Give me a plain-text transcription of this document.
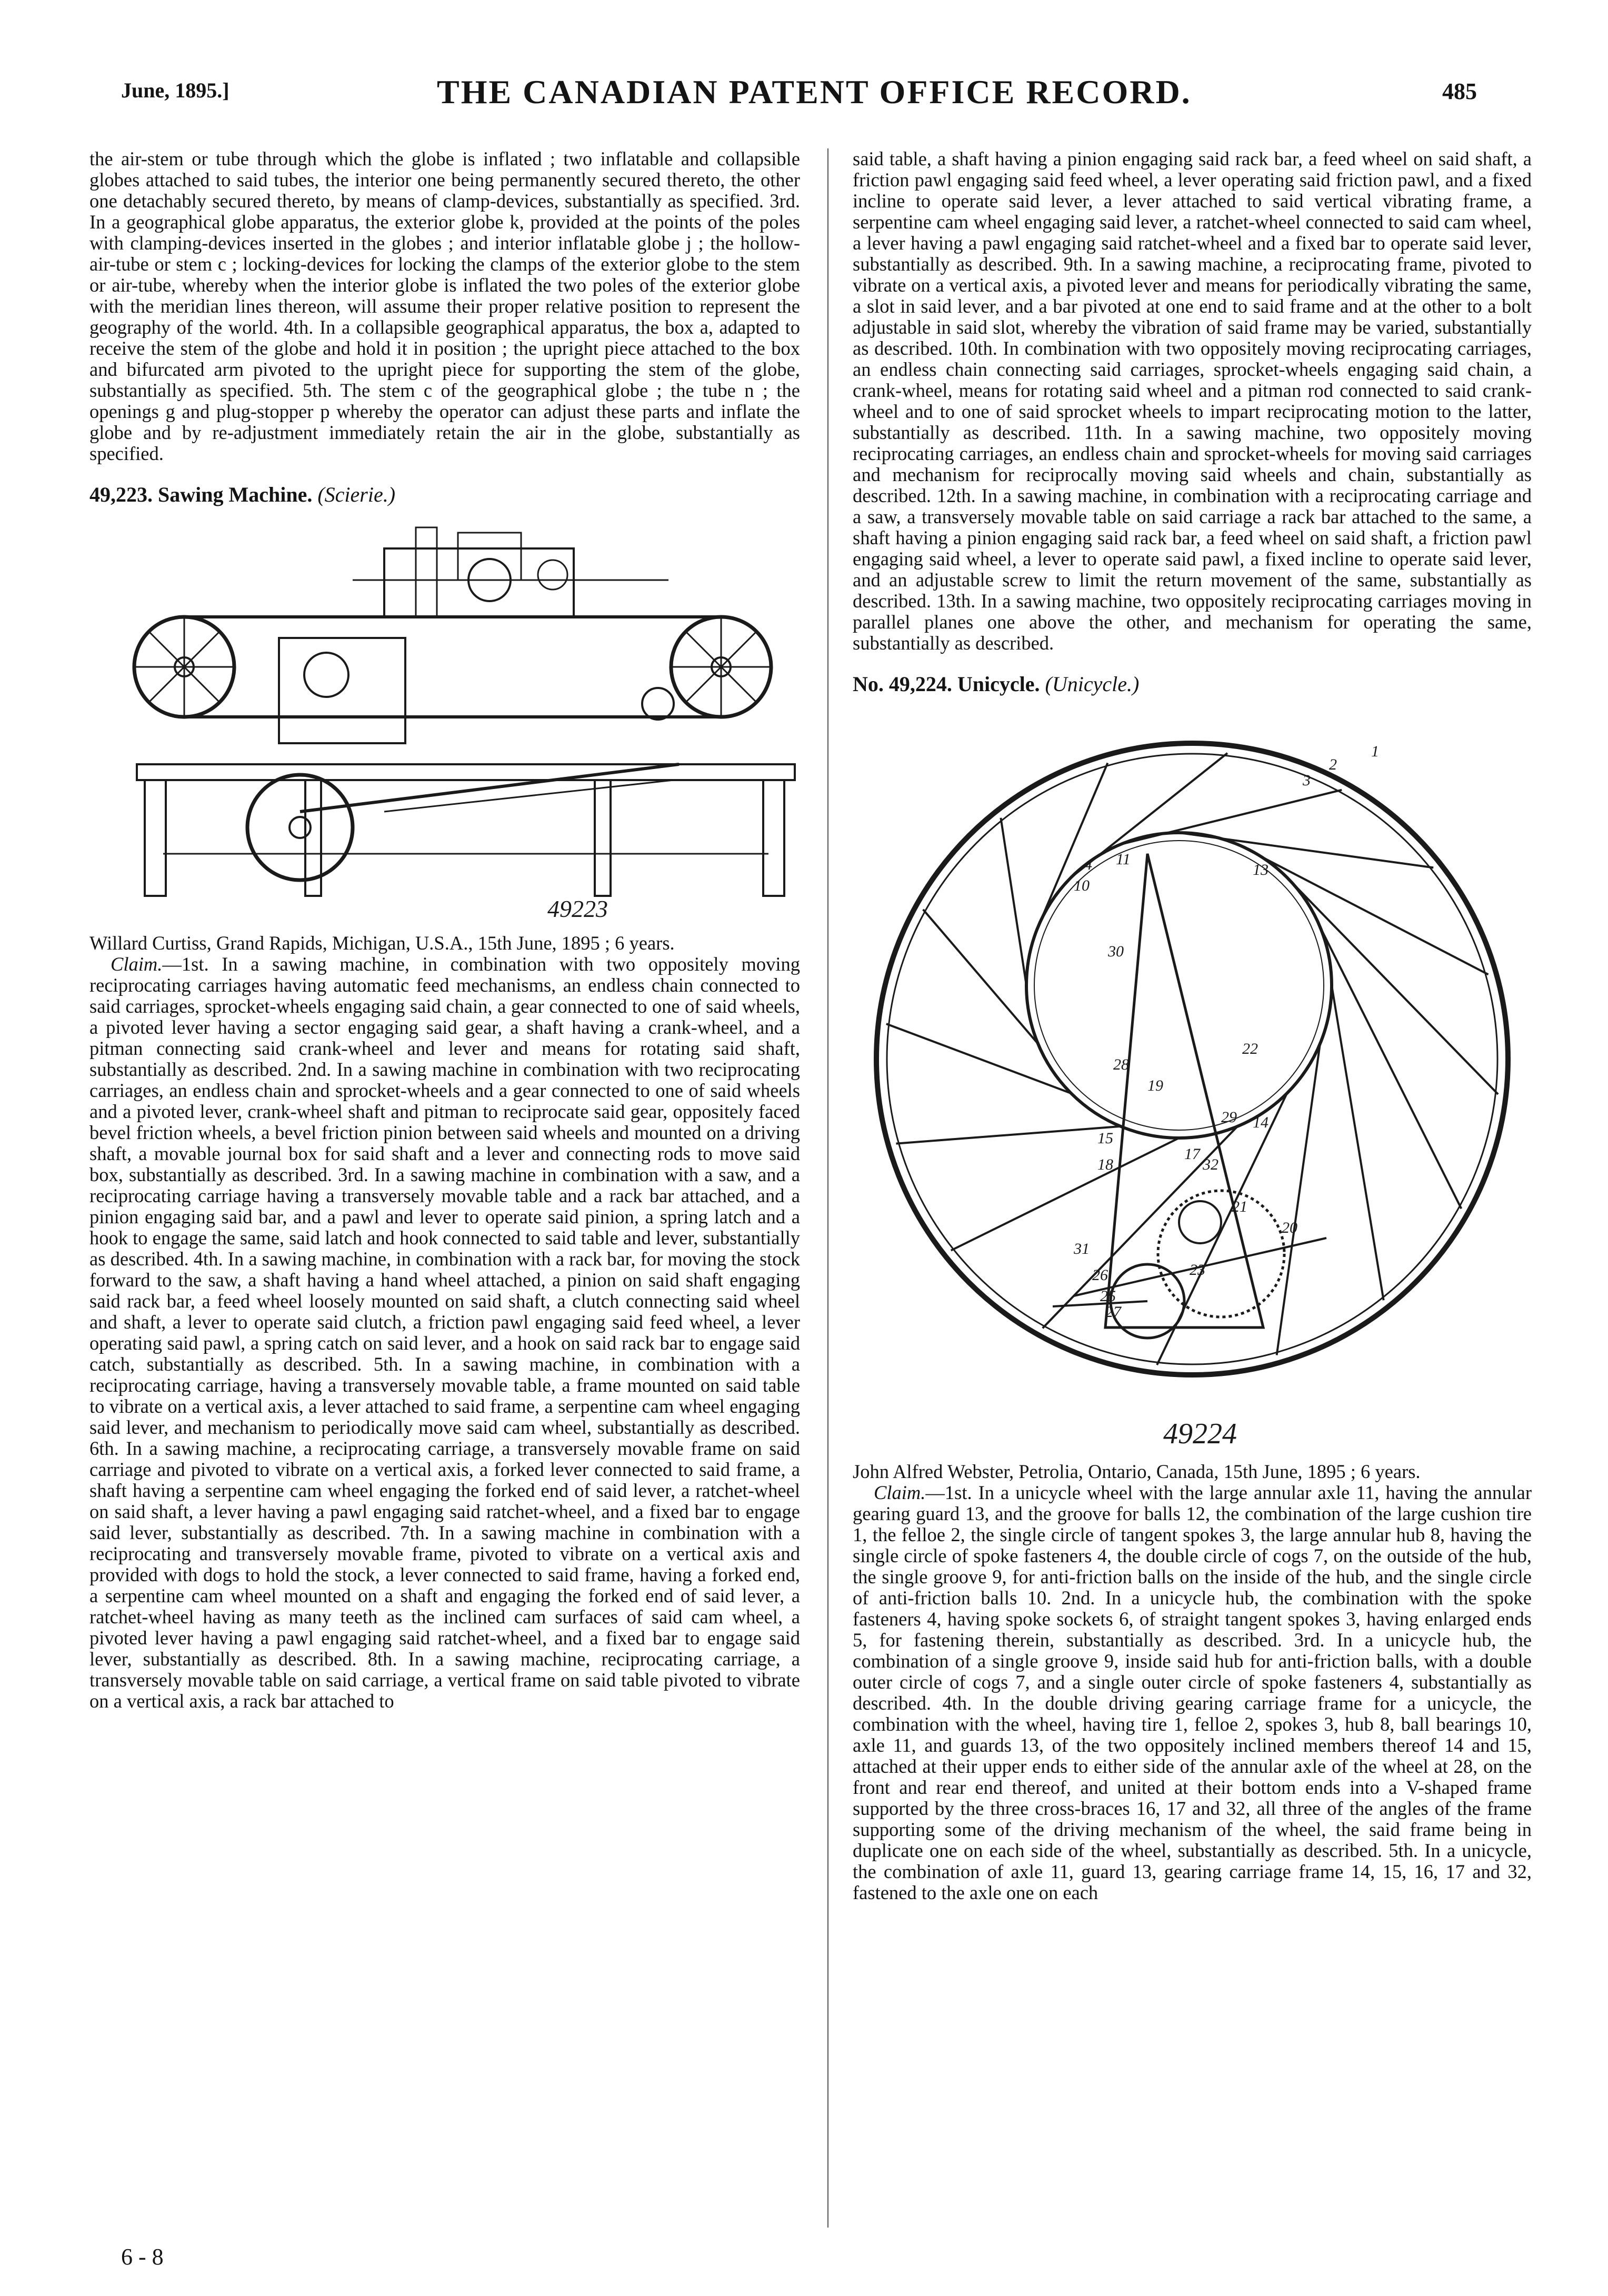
June, 1895.]	THE CANADIAN PATENT OFFICE RECORD.	485

the air-stem or tube through which the globe is inflated ; two inflatable and collapsible globes attached to said tubes, the interior one being permanently secured thereto, the other one detachably secured thereto, by means of clamp-devices, substantially as specified. 3rd. In a geographical globe apparatus, the exterior globe k, provided at the points of the poles with clamping-devices inserted in the globes ; and interior inflatable globe j ; the hollow-air-tube or stem c ; locking-devices for locking the clamps of the exterior globe to the stem or air-tube, whereby when the interior globe is inflated the two poles of the exterior globe with the meridian lines thereon, will assume their proper relative position to represent the geography of the world. 4th. In a collapsible geographical apparatus, the box a, adapted to receive the stem of the globe and hold it in position ; the upright piece attached to the box and bifurcated arm pivoted to the upright piece for supporting the stem of the globe, substantially as specified. 5th. The stem c of the geographical globe ; the tube n ; the openings g and plug-stopper p whereby the operator can adjust these parts and inflate the globe and by re-adjustment immediately retain the air in the globe, substantially as specified.

49,223. Sawing Machine. (Scierie.)

49223

Willard Curtiss, Grand Rapids, Michigan, U.S.A., 15th June, 1895 ; 6 years.

Claim.—1st. In a sawing machine, in combination with two oppositely moving reciprocating carriages having automatic feed mechanisms, an endless chain connected to said carriages, sprocket-wheels engaging said chain, a gear connected to one of said wheels, a pivoted lever having a sector engaging said gear, a shaft having a crank-wheel, and a pitman connecting said crank-wheel and lever and means for rotating said shaft, substantially as described. 2nd. In a sawing machine in combination with two reciprocating carriages, an endless chain and sprocket-wheels and a gear connected to one of said wheels and a pivoted lever, crank-wheel shaft and pitman to reciprocate said gear, oppositely faced bevel friction wheels, a bevel friction pinion between said wheels and mounted on a driving shaft, a movable journal box for said shaft and a lever and connecting rods to move said box, substantially as described. 3rd. In a sawing machine in combination with a saw, and a reciprocating carriage having a transversely movable table and a rack bar attached, and a pinion engaging said bar, and a pawl and lever to operate said pinion, a spring latch and a hook to engage the same, said latch and hook connected to said table and lever, substantially as described. 4th. In a sawing machine, in combination with a rack bar, for moving the stock forward to the saw, a shaft having a hand wheel attached, a pinion on said shaft engaging said rack bar, a feed wheel loosely mounted on said shaft, a clutch connecting said wheel and shaft, a lever to operate said clutch, a friction pawl engaging said feed wheel, a lever operating said pawl, a spring catch on said lever, and a hook on said rack bar to engage said catch, substantially as described. 5th. In a sawing machine, in combination with a reciprocating carriage, having a transversely movable table, a frame mounted on said table to vibrate on a vertical axis, a lever attached to said frame, a serpentine cam wheel engaging said lever, and mechanism to periodically move said cam wheel, substantially as described. 6th. In a sawing machine, a reciprocating carriage, a transversely movable frame on said carriage and pivoted to vibrate on a vertical axis, a forked lever connected to said frame, a shaft having a serpentine cam wheel engaging the forked end of said lever, a ratchet-wheel on said shaft, a lever having a pawl engaging said ratchet-wheel, and a fixed bar to engage said lever, substantially as described. 7th. In a sawing machine in combination with a reciprocating and transversely movable frame, pivoted to vibrate on a vertical axis and provided with dogs to hold the stock, a lever connected to said frame, having a forked end, a serpentine cam wheel mounted on a shaft and engaging the forked end of said lever, a ratchet-wheel having as many teeth as the inclined cam surfaces of said cam wheel, a pivoted lever having a pawl engaging said ratchet-wheel, and a fixed bar to engage said lever, substantially as described. 8th. In a sawing machine, reciprocating carriage, a transversely movable table on said carriage, a vertical frame on said table pivoted to vibrate on a vertical axis, a rack bar attached to

said table, a shaft having a pinion engaging said rack bar, a feed wheel on said shaft, a friction pawl engaging said feed wheel, a lever operating said friction pawl, and a fixed incline to operate said lever, a lever attached to said vertical vibrating frame, a serpentine cam wheel engaging said lever, a ratchet-wheel connected to said cam wheel, a lever having a pawl engaging said ratchet-wheel and a fixed bar to operate said lever, substantially as described. 9th. In a sawing machine, a reciprocating frame, pivoted to vibrate on a vertical axis, a pivoted lever and means for periodically vibrating the same, a slot in said lever, and a bar pivoted at one end to said frame and at the other to a bolt adjustable in said slot, whereby the vibration of said frame may be varied, substantially as described. 10th. In combination with two oppositely moving reciprocating carriages, an endless chain connecting said carriages, sprocket-wheels engaging said chain, a crank-wheel, means for rotating said wheel and a pitman rod connected to said crank-wheel and to one of said sprocket wheels to impart reciprocating motion to the latter, substantially as described. 11th. In a sawing machine, two oppositely moving reciprocating carriages, an endless chain and sprocket-wheels for moving said carriages and mechanism for reciprocally moving said wheels and chain, substantially as described. 12th. In a sawing machine, in combination with a reciprocating carriage and a saw, a transversely movable table on said carriage a rack bar attached to the same, a shaft having a pinion engaging said rack bar, a feed wheel on said shaft, a friction pawl engaging said wheel, a lever to operate said pawl, a fixed incline to operate said lever, and an adjustable screw to limit the return movement of the same, substantially as described. 13th. In a sawing machine, two oppositely reciprocating carriages moving in parallel planes one above the other, and mechanism for operating the same, substantially as described.

No. 49,224. Unicycle. (Unicycle.)

1
2
3
4
10
11
13
30
28
19
22
29 14
15
18
17
32
21
20
31
26
25
27
23
49224

John Alfred Webster, Petrolia, Ontario, Canada, 15th June, 1895 ; 6 years.

Claim.—1st. In a unicycle wheel with the large annular axle 11, having the annular gearing guard 13, and the groove for balls 12, the combination of the large cushion tire 1, the felloe 2, the single circle of tangent spokes 3, the large annular hub 8, having the single circle of spoke fasteners 4, the double circle of cogs 7, on the outside of the hub, the single groove 9, for anti-friction balls on the inside of the hub, and the single circle of anti-friction balls 10. 2nd. In a unicycle hub, the combination with the spoke fasteners 4, having spoke sockets 6, of straight tangent spokes 3, having enlarged ends 5, for fastening therein, substantially as described. 3rd. In a unicycle hub, the combination of a single groove 9, inside said hub for anti-friction balls, with a double outer circle of cogs 7, and a single outer circle of spoke fasteners 4, substantially as described. 4th. In the double driving gearing carriage frame for a unicycle, the combination with the wheel, having tire 1, felloe 2, spokes 3, hub 8, ball bearings 10, axle 11, and guards 13, of the two oppositely inclined members thereof 14 and 15, attached at their upper ends to either side of the annular axle of the wheel at 28, on the front and rear end thereof, and united at their bottom ends into a V-shaped frame supported by the three cross-braces 16, 17 and 32, all three of the angles of the frame supporting some of the driving mechanism of the wheel, the said frame being in duplicate one on each side of the wheel, substantially as described. 5th. In a unicycle, the combination of axle 11, guard 13, gearing carriage frame 14, 15, 16, 17 and 32, fastened to the axle one on each

6 - 8
